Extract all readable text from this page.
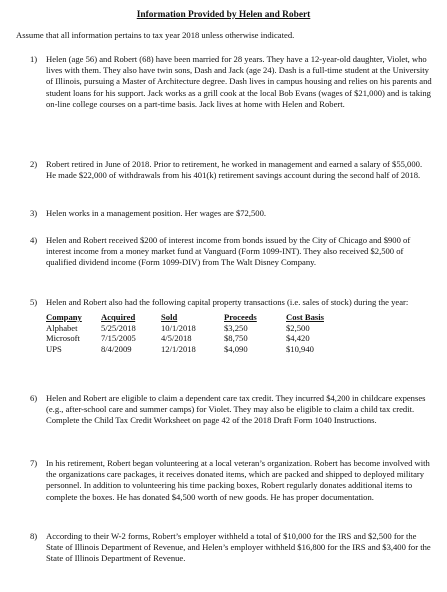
Information Provided by Helen and Robert
Assume that all information pertains to tax year 2018 unless otherwise indicated.
1)	Helen (age 56) and Robert (68) have been married for 28 years. They have a 12-year-old daughter, Violet, who lives with them. They also have twin sons, Dash and Jack (age 24). Dash is a full-time student at the University of Illinois, pursuing a Master of Architecture degree. Dash lives in campus housing and relies on his parents and student loans for his support. Jack works as a grill cook at the local Bob Evans (wages of $21,000) and is taking on-line college courses on a part-time basis. Jack lives at home with Helen and Robert.

2)	Robert retired in June of 2018. Prior to retirement, he worked in management and earned a salary of $55,000. He made $22,000 of withdrawals from his 401(k) retirement savings account during the second half of 2018.

3)	Helen works in a management position. Her wages are $72,500.

4)	Helen and Robert received $200 of interest income from bonds issued by the City of Chicago and $900 of interest income from a money market fund at Vanguard (Form 1099-INT). They also received $2,500 of qualified dividend income (Form 1099-DIV) from The Walt Disney Company.

5)	Helen and Robert also had the following capital property transactions (i.e. sales of stock) during the year:

Company	Acquired	Sold	Proceeds	Cost Basis
Alphabet	5/25/2018	10/1/2018	$3,250	$2,500
Microsoft	7/15/2005	4/5/2018	$8,750	$4,420
UPS	8/4/2009	12/1/2018	$4,090	$10,940
6)	Helen and Robert are eligible to claim a dependent care tax credit. They incurred $4,200 in childcare expenses (e.g., after-school care and summer camps) for Violet. They may also be eligible to claim a child tax credit. Complete the Child Tax Credit Worksheet on page 42 of the 2018 Draft Form 1040 Instructions.

7)	In his retirement, Robert began volunteering at a local veteran’s organization. Robert has become involved with the organizations care packages, it receives donated items, which are packed and shipped to deployed military personnel. In addition to volunteering his time packing boxes, Robert regularly donates additional items to complete the boxes. He has donated $4,500 worth of new goods. He has proper documentation.

8)	According to their W-2 forms, Robert’s employer withheld a total of $10,000 for the IRS and $2,500 for the State of Illinois Department of Revenue, and Helen’s employer withheld $16,800 for the IRS and $3,400 for the State of Illinois Department of Revenue.
